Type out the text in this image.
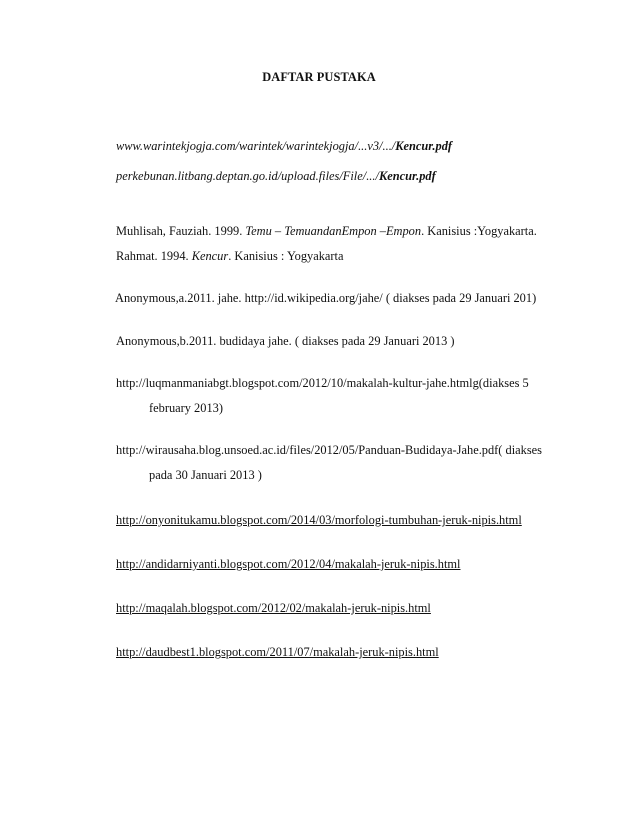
DAFTAR PUSTAKA
www.warintekjogja.com/warintek/warintekjogja/...v3/.../Kencur.pdf
perkebunan.litbang.deptan.go.id/upload.files/File/.../Kencur.pdf
Muhlisah, Fauziah. 1999. Temu – TemuandanEmpon –Empon. Kanisius :Yogyakarta.
Rahmat. 1994. Kencur. Kanisius : Yogyakarta
Anonymous,a.2011. jahe. http://id.wikipedia.org/jahe/ ( diakses pada 29 Januari 201)
Anonymous,b.2011. budidaya jahe. ( diakses pada 29 Januari 2013 )
http://luqmanmaniabgt.blogspot.com/2012/10/makalah-kultur-jahe.htmlg(diakses 5
february 2013)
http://wirausaha.blog.unsoed.ac.id/files/2012/05/Panduan-Budidaya-Jahe.pdf( diakses
pada 30 Januari 2013 )
http://onyonitukamu.blogspot.com/2014/03/morfologi-tumbuhan-jeruk-nipis.html
http://andidarniyanti.blogspot.com/2012/04/makalah-jeruk-nipis.html
http://maqalah.blogspot.com/2012/02/makalah-jeruk-nipis.html
http://daudbest1.blogspot.com/2011/07/makalah-jeruk-nipis.html
